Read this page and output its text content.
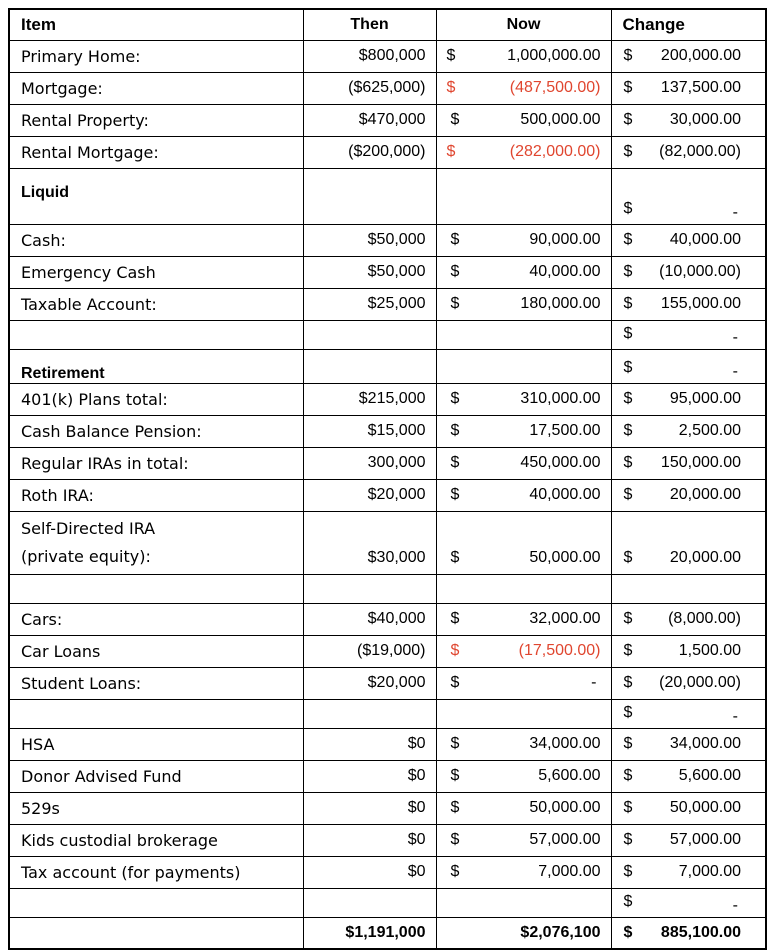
Item	Then	Now	Change
Primary Home:	$800,000	$ 1,000,000.00	$ 200,000.00

Mortgage:	($625,000)	$ (487,500.00)	$ 137,500.00

Rental Property:	$470,000	$ 500,000.00	$ 30,000.00

Rental Mortgage:	($200,000)	$ (282,000.00)	$ (82,000.00)

Liquid			$ -

Cash:	$50,000	$ 90,000.00	$ 40,000.00

Emergency Cash	$50,000	$ 40,000.00	$ (10,000.00)

Taxable Account:	$25,000	$ 180,000.00	$ 155,000.00

			$ -

Retirement			$ -

401(k) Plans total:	$215,000	$ 310,000.00	$ 95,000.00

Cash Balance Pension:	$15,000	$ 17,500.00	$ 2,500.00

Regular IRAs in total:	300,000	$ 450,000.00	$ 150,000.00

Roth IRA:	$20,000	$ 40,000.00	$ 20,000.00

Self-Directed IRA
(private equity):	$30,000	$ 50,000.00	$ 20,000.00

Cars:	$40,000	$ 32,000.00	$ (8,000.00)

Car Loans	($19,000)	$ (17,500.00)	$ 1,500.00

Student Loans:	$20,000	$ -	$ (20,000.00)

			$ -

HSA	$0	$ 34,000.00	$ 34,000.00

Donor Advised Fund	$0	$ 5,600.00	$ 5,600.00

529s	$0	$ 50,000.00	$ 50,000.00

Kids custodial brokerage	$0	$ 57,000.00	$ 57,000.00

Tax account (for payments)	$0	$ 7,000.00	$ 7,000.00

			$ -

	$1,191,000	$2,076,100	$ 885,100.00
